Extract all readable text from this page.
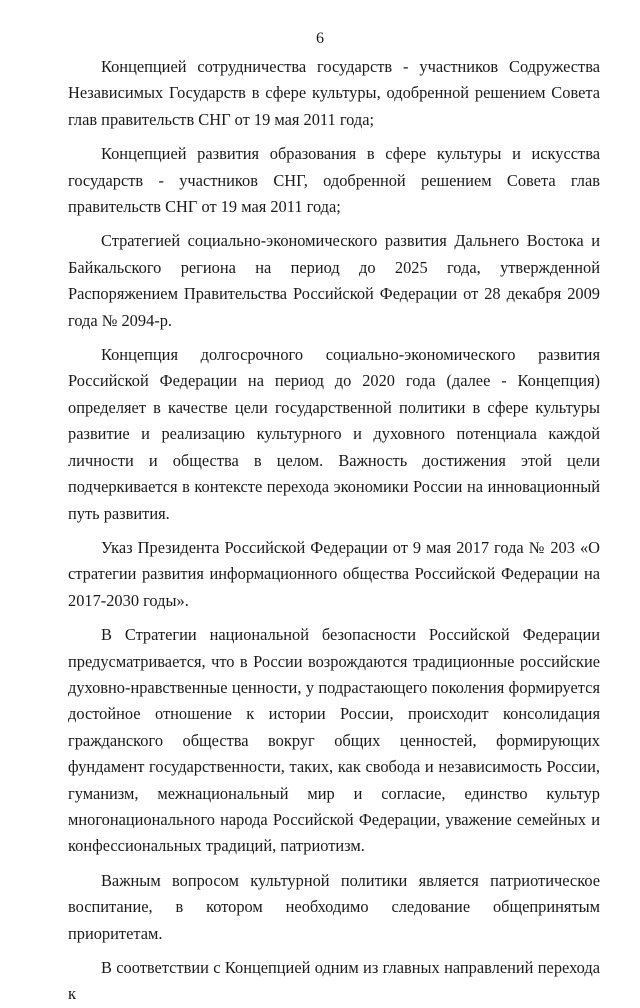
6

Концепцией сотрудничества государств - участников Содружества Независимых Государств в сфере культуры, одобренной решением Совета глав правительств СНГ от 19 мая 2011 года;

Концепцией развития образования в сфере культуры и искусства государств - участников СНГ, одобренной решением Совета глав правительств СНГ от 19 мая 2011 года;

Стратегией социально-экономического развития Дальнего Востока и Байкальского региона на период до 2025 года, утвержденной Распоряжением Правительства Российской Федерации от 28 декабря 2009 года № 2094-р.

Концепция долгосрочного социально-экономического развития Российской Федерации на период до 2020 года (далее - Концепция) определяет в качестве цели государственной политики в сфере культуры развитие и реализацию культурного и духовного потенциала каждой личности и общества в целом. Важность достижения этой цели подчеркивается в контексте перехода экономики России на инновационный путь развития.

Указ Президента Российской Федерации от 9 мая 2017 года № 203 «О стратегии развития информационного общества Российской Федерации на 2017-2030 годы».

В Стратегии национальной безопасности Российской Федерации предусматривается, что в России возрождаются традиционные российские духовно-нравственные ценности, у подрастающего поколения формируется достойное отношение к истории России, происходит консолидация гражданского общества вокруг общих ценностей, формирующих фундамент государственности, таких, как свобода и независимость России, гуманизм, межнациональный мир и согласие, единство культур многонационального народа Российской Федерации, уважение семейных и конфессиональных традиций, патриотизм.

Важным вопросом культурной политики является патриотическое воспитание, в котором необходимо следование общепринятым приоритетам.

В соответствии с Концепцией одним из главных направлений перехода к
